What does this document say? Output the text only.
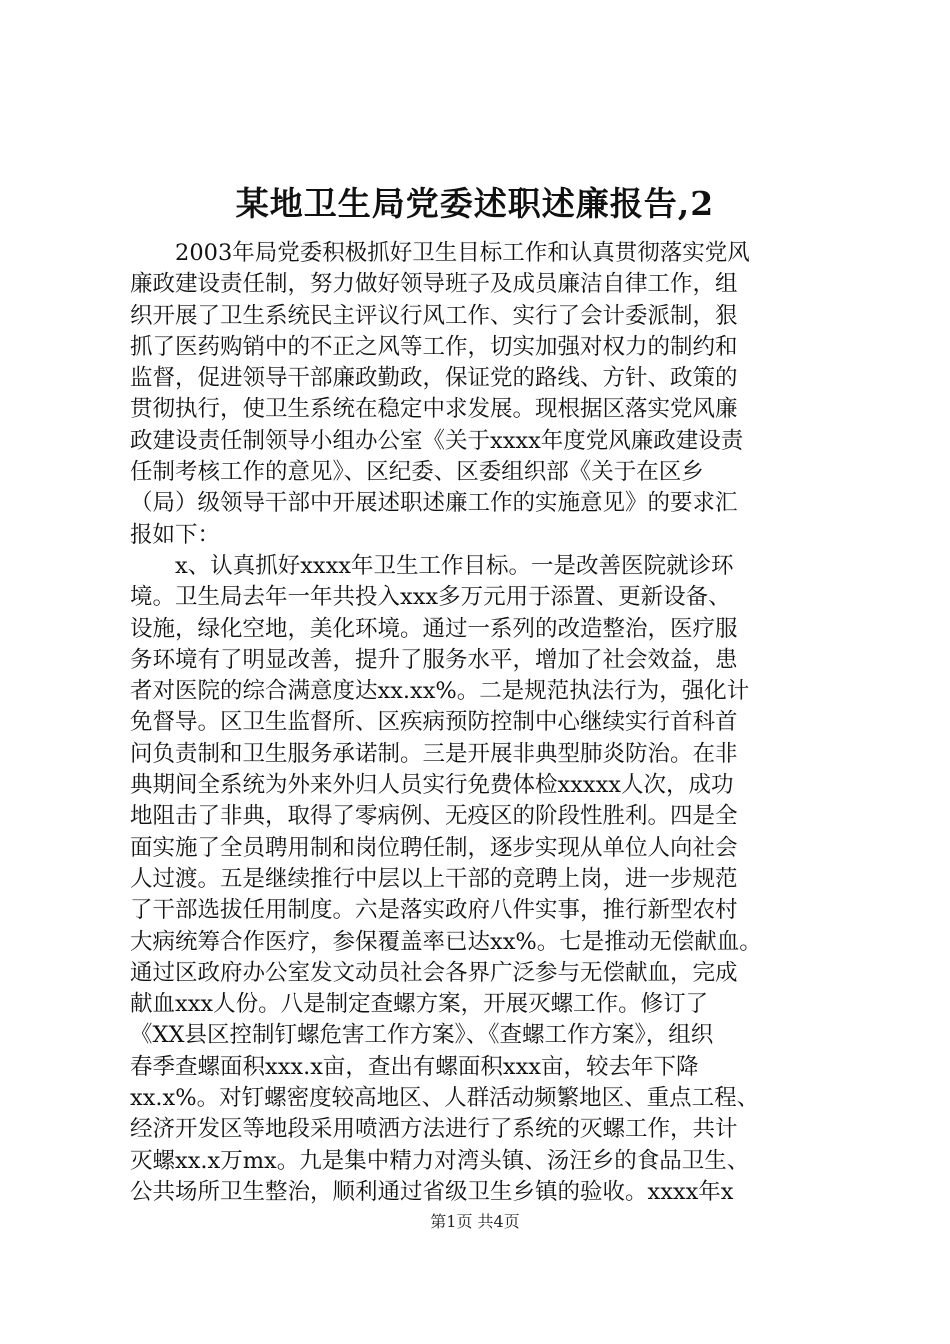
某地卫生局党委述职述廉报告,2
2003年局党委积极抓好卫生目标工作和认真贯彻落实党风
廉政建设责任制，努力做好领导班子及成员廉洁自律工作，组
织开展了卫生系统民主评议行风工作、实行了会计委派制，狠
抓了医药购销中的不正之风等工作，切实加强对权力的制约和
监督，促进领导干部廉政勤政，保证党的路线、方针、政策的
贯彻执行，使卫生系统在稳定中求发展。现根据区落实党风廉
政建设责任制领导小组办公室《关于xxxx年度党风廉政建设责
任制考核工作的意见》、区纪委、区委组织部《关于在区乡
（局）级领导干部中开展述职述廉工作的实施意见》的要求汇
报如下：
x、认真抓好xxxx年卫生工作目标。一是改善医院就诊环
境。卫生局去年一年共投入xxx多万元用于添置、更新设备、
设施，绿化空地，美化环境。通过一系列的改造整治，医疗服
务环境有了明显改善，提升了服务水平，增加了社会效益，患
者对医院的综合满意度达xx.xx%。二是规范执法行为，强化计
免督导。区卫生监督所、区疾病预防控制中心继续实行首科首
问负责制和卫生服务承诺制。三是开展非典型肺炎防治。在非
典期间全系统为外来外归人员实行免费体检xxxxx人次，成功
地阻击了非典，取得了零病例、无疫区的阶段性胜利。四是全
面实施了全员聘用制和岗位聘任制，逐步实现从单位人向社会
人过渡。五是继续推行中层以上干部的竞聘上岗，进一步规范
了干部选拔任用制度。六是落实政府八件实事，推行新型农村
大病统筹合作医疗，参保覆盖率已达xx%。七是推动无偿献血。
通过区政府办公室发文动员社会各界广泛参与无偿献血，完成
献血xxx人份。八是制定查螺方案，开展灭螺工作。修订了
《XX县区控制钉螺危害工作方案》、《查螺工作方案》，组织
春季查螺面积xxx.x亩，查出有螺面积xxx亩，较去年下降
xx.x%。对钉螺密度较高地区、人群活动频繁地区、重点工程、
经济开发区等地段采用喷洒方法进行了系统的灭螺工作，共计
灭螺xx.x万mx。九是集中精力对湾头镇、汤汪乡的食品卫生、
公共场所卫生整治，顺利通过省级卫生乡镇的验收。xxxx年x
第1页 共4页
